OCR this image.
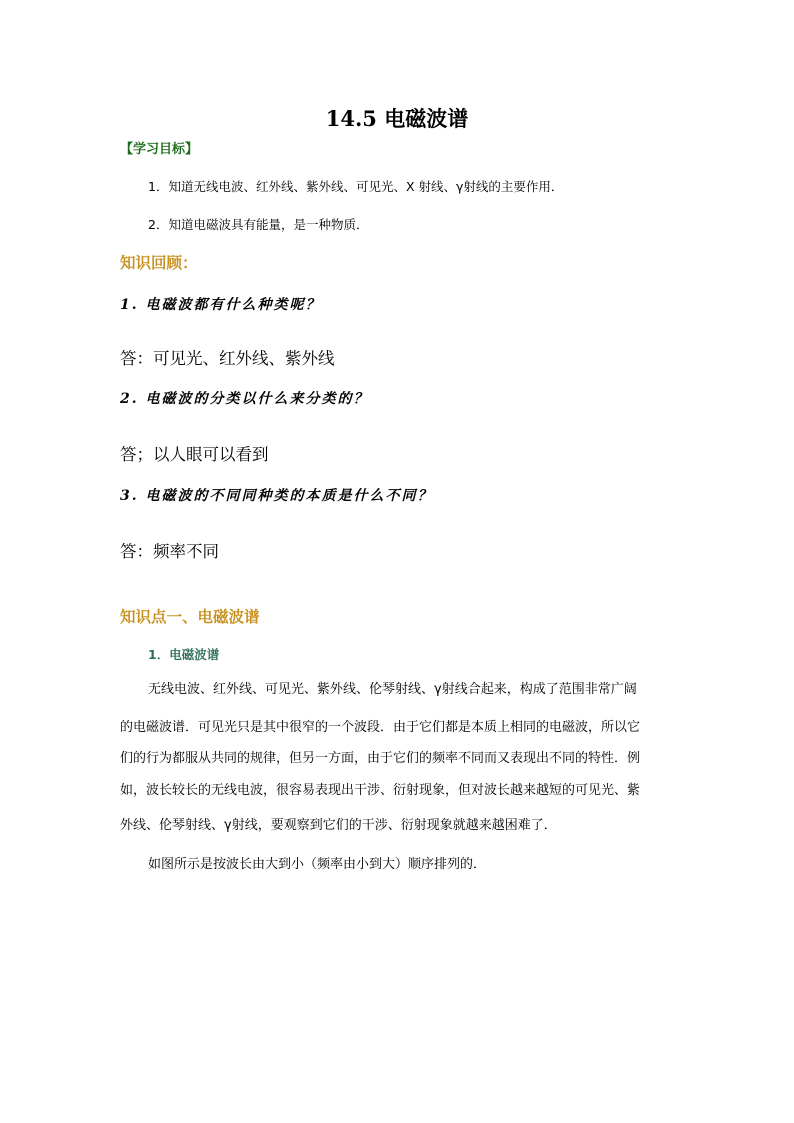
14.5 电磁波谱
【学习目标】
1．知道无线电波、红外线、紫外线、可见光、X 射线、γ射线的主要作用．
2．知道电磁波具有能量，是一种物质．
知识回顾：
1. 电磁波都有什么种类呢？
答：可见光、红外线、紫外线
2. 电磁波的分类以什么来分类的？
答；以人眼可以看到
3. 电磁波的不同同种类的本质是什么不同？
答：频率不同
知识点一、电磁波谱
1．电磁波谱
无线电波、红外线、可见光、紫外线、伦琴射线、γ射线合起来，构成了范围非常广阔
的电磁波谱．可见光只是其中很窄的一个波段．由于它们都是本质上相同的电磁波，所以它
们的行为都服从共同的规律，但另一方面，由于它们的频率不同而又表现出不同的特性．例
如，波长较长的无线电波，很容易表现出干涉、衍射现象，但对波长越来越短的可见光、紫
外线、伦琴射线、γ射线，要观察到它们的干涉、衍射现象就越来越困难了．
如图所示是按波长由大到小（频率由小到大）顺序排列的．
